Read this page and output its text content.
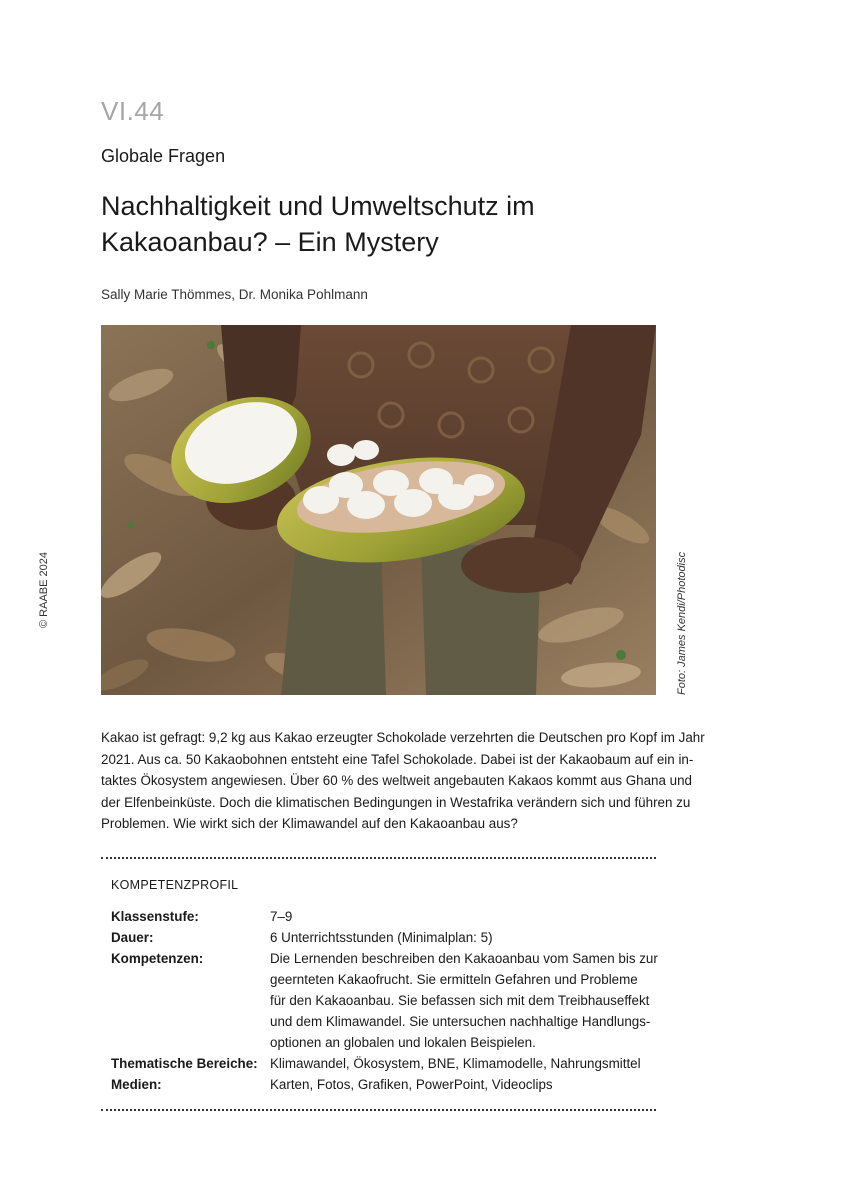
VI.44
Globale Fragen
Nachhaltigkeit und Umweltschutz im
Kakaoanbau? – Ein Mystery
Sally Marie Thömmes, Dr. Monika Pohlmann
Foto: James Kendi/Photodisc
© RAABE 2024
Kakao ist gefragt: 9,2 kg aus Kakao erzeugter Schokolade verzehrten die Deutschen pro Kopf im Jahr
2021. Aus ca. 50 Kakaobohnen entsteht eine Tafel Schokolade. Dabei ist der Kakaobaum auf ein in-
taktes Ökosystem angewiesen. Über 60 % des weltweit angebauten Kakaos kommt aus Ghana und
der Elfenbeinküste. Doch die klimatischen Bedingungen in Westafrika verändern sich und führen zu
Problemen. Wie wirkt sich der Klimawandel auf den Kakaoanbau aus?
KOMPETENZPROFIL
Klassenstufe:	7–9
Dauer:	6 Unterrichtsstunden (Minimalplan: 5)
Kompetenzen:	Die Lernenden beschreiben den Kakaoanbau vom Samen bis zur
geernteten Kakaofrucht. Sie ermitteln Gefahren und Probleme
für den Kakaoanbau. Sie befassen sich mit dem Treibhauseffekt
und dem Klimawandel. Sie untersuchen nachhaltige Handlungs-
optionen an globalen und lokalen Beispielen.
Thematische Bereiche: Klimawandel, Ökosystem, BNE, Klimamodelle, Nahrungsmittel
Medien:	Karten, Fotos, Grafiken, PowerPoint, Videoclips
